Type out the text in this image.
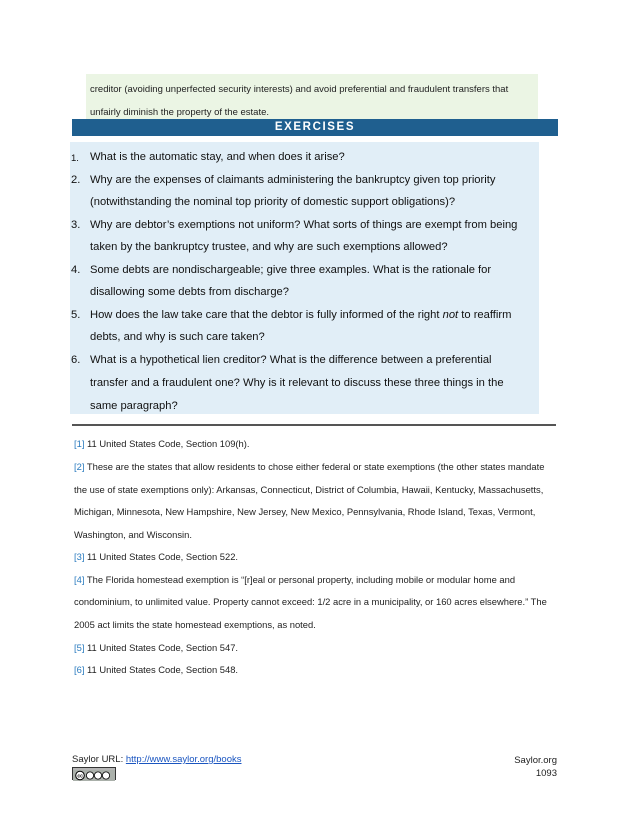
creditor (avoiding unperfected security interests) and avoid preferential and fraudulent transfers that
unfairly diminish the property of the estate.
EXERCISES
1. What is the automatic stay, and when does it arise?
2. Why are the expenses of claimants administering the bankruptcy given top priority
(notwithstanding the nominal top priority of domestic support obligations)?
3. Why are debtor’s exemptions not uniform? What sorts of things are exempt from being
taken by the bankruptcy trustee, and why are such exemptions allowed?
4. Some debts are nondischargeable; give three examples. What is the rationale for
disallowing some debts from discharge?
5. How does the law take care that the debtor is fully informed of the right not to reaffirm
debts, and why is such care taken?
6. What is a hypothetical lien creditor? What is the difference between a preferential
transfer and a fraudulent one? Why is it relevant to discuss these three things in the
same paragraph?
[1] 11 United States Code, Section 109(h).
[2] These are the states that allow residents to chose either federal or state exemptions (the other states mandate
the use of state exemptions only): Arkansas, Connecticut, District of Columbia, Hawaii, Kentucky, Massachusetts,
Michigan, Minnesota, New Hampshire, New Jersey, New Mexico, Pennsylvania, Rhode Island, Texas, Vermont,
Washington, and Wisconsin.
[3] 11 United States Code, Section 522.
[4] The Florida homestead exemption is “[r]eal or personal property, including mobile or modular home and
condominium, to unlimited value. Property cannot exceed: 1/2 acre in a municipality, or 160 acres elsewhere.” The
2005 act limits the state homestead exemptions, as noted.
[5] 11 United States Code, Section 547.
[6] 11 United States Code, Section 548.
Saylor URL: http://www.saylor.org/books
cc
Saylor.org
1093
